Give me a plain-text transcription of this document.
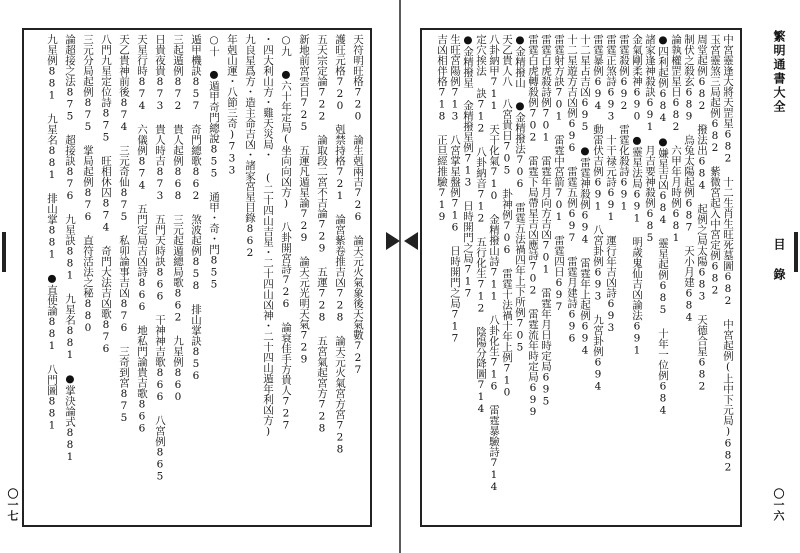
繁明通書大全
目錄
〇一六
中宮靈逢大將天罡星682 十二生肖生旺死墓圖682 中宮起例(上中下元局)682
玉宮靈煞三局起例682 紫微宮起入中宮定例682
周堂起例682 撥法出684 起例之局太陽683 天德合星682
制伏之殺玄689 烏兔太陽起例687 天小月建684
論執權罡星日682 六甲年月時例681
●四利起例684 ●嫌星吉凶684 靈星起例685 十年一位例684
諸家逢神殺訣691 月吉要神殺例685
金氣剛柔神690 ●靈星法局691 明歲鬼仙吉凶論法691
雷霆殺例692 雷霆化殺詩691
雷霆正煞詩693 十干禄元詩691 運行年吉凶詩693
雷霆暴例694 動雷伏吉例691 八宮卦例693 九宮卦例694
十二星占吉凶695 ●雷霆神殺例694 雷霆年上起例694
十二星遊方吉凶例696 雷霆五例697 雷霆月建詩696
雷霆射方訣701 雷霆中宮箭701 雷霆四日697
雷霆白虎殺詩例701 雷霆年月向方吉凶701 雷霆年月日時定局695
雷霆白虎轉殺例702 雷霆下局帶星吉凶應詩702 雷霆流年時定局699
●金精撥山 ●金精撥法706 雷霆五法禍四年上下所例705
天乙貴人八 八宮貴日705 卦神例706 雷霆十法禍十年上例710
八卦納甲711 天干化氣710 金精撥山詩711 八卦化生716 雷霆暴驗詩714
定穴挨法 訣712 八卦納音712 五行化生712 陰陽分降圖714
●金精撥星 金精撥星例713 日時開門之局717
生旺宮陽例713 八宮掌星盤例716 日時開門之局717
吉凶相伴格718 正旦經推驗719
〇一七
天符明旺格720 論生剋兩吉726 論天元火氣象後天氣數727
護旺元格720 剋禁持格721 論宮紫卷推吉凶728 論天元火氣宮方宮728
五天宗定論722 論取段二宮不吉論729 五運728 五宮氣起宮方728
新地前宮雲日725 五運凡遁星論729 論天元光明天氣729
○九 ●六十年定局(坐向向凶方) 八卦開宮詩726 論衰佳手方貴人727
・四大利山方・雞天災局・ (二十四山吉星・二十四山凶神・二十四山遁年利凶方)
九良星爲方・造主命吉凶・諸家宮星目錄862
年剋山運・八節三奇)733
○十 ●遁甲奇門總說855 通甲・奇・門855
遁甲機訣857 奇門總歌862 煞波起例858 排山掌訣856
三起遁例872 貴人起例868 三元起遁總局歌862 九星例860
日貴夜貴873 貴人時吉873 五門天時訣866 干神神吉歌866 八宮例865
天星行時874 六儀例874 五門定局吉凶詩866 地私門論貴吉歌866
天乙貴神前後874 三元奇仙875 私卯論事吉凶876 三奇到宮875
八門九星定位詩875 旺相休囚874 奇門大法吉凶歌876
三元分局起例875 掌局起例876 直符活法之秘880
論超接之法875 超接訣876 九星訣881 九星名881 ●掌決論式881
九星例881 九星名881 排山掌881 ●直使論881 八門圖881
